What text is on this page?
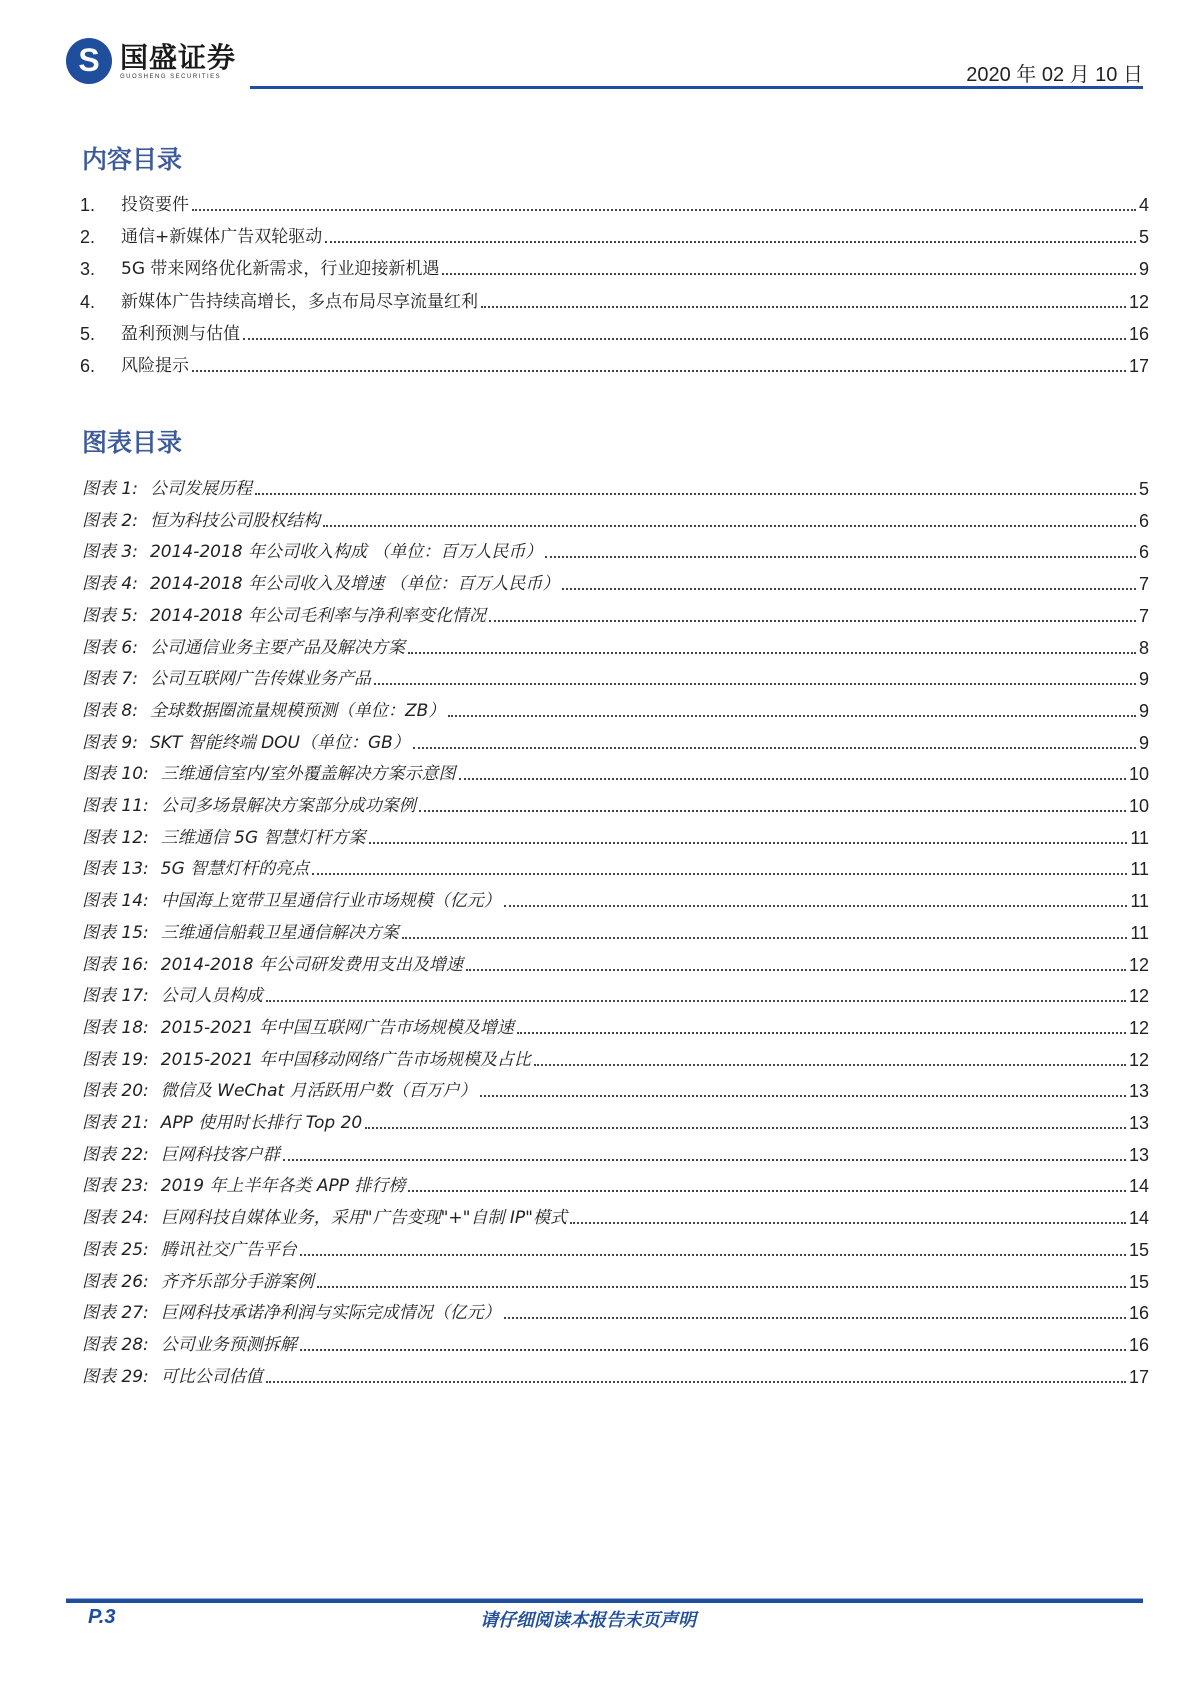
S
国盛证券
GUOSHENG SECURITIES	2020 年 02 月 10 日
内容目录
1.	投资要件	4
2.	通信+新媒体广告双轮驱动	5
3.	5G 带来网络优化新需求，行业迎接新机遇	9
4.	新媒体广告持续高增长，多点布局尽享流量红利	12
5.	盈利预测与估值	16
6.	风险提示	17
图表目录
图表 1: 公司发展历程	5
图表 2: 恒为科技公司股权结构	6
图表 3: 2014-2018 年公司收入构成 （单位：百万人民币）	6
图表 4: 2014-2018 年公司收入及增速 （单位：百万人民币）	7
图表 5: 2014-2018 年公司毛利率与净利率变化情况	7
图表 6: 公司通信业务主要产品及解决方案	8
图表 7: 公司互联网广告传媒业务产品	9
图表 8: 全球数据圈流量规模预测（单位：ZB）	9
图表 9: SKT 智能终端 DOU（单位：GB）	9
图表 10: 三维通信室内/室外覆盖解决方案示意图	10
图表 11: 公司多场景解决方案部分成功案例	10
图表 12: 三维通信 5G 智慧灯杆方案	11
图表 13: 5G 智慧灯杆的亮点	11
图表 14: 中国海上宽带卫星通信行业市场规模（亿元）	11
图表 15: 三维通信船载卫星通信解决方案	11
图表 16: 2014-2018 年公司研发费用支出及增速	12
图表 17: 公司人员构成	12
图表 18: 2015-2021 年中国互联网广告市场规模及增速	12
图表 19: 2015-2021 年中国移动网络广告市场规模及占比	12
图表 20: 微信及 WeChat 月活跃用户数（百万户）	13
图表 21: APP 使用时长排行 Top 20	13
图表 22: 巨网科技客户群	13
图表 23: 2019 年上半年各类 APP 排行榜	14
图表 24: 巨网科技自媒体业务，采用"广告变现"+"自制 IP"模式	14
图表 25: 腾讯社交广告平台	15
图表 26: 齐齐乐部分手游案例	15
图表 27: 巨网科技承诺净利润与实际完成情况（亿元）	16
图表 28: 公司业务预测拆解	16
图表 29: 可比公司估值	17
P.3	请仔细阅读本报告末页声明
